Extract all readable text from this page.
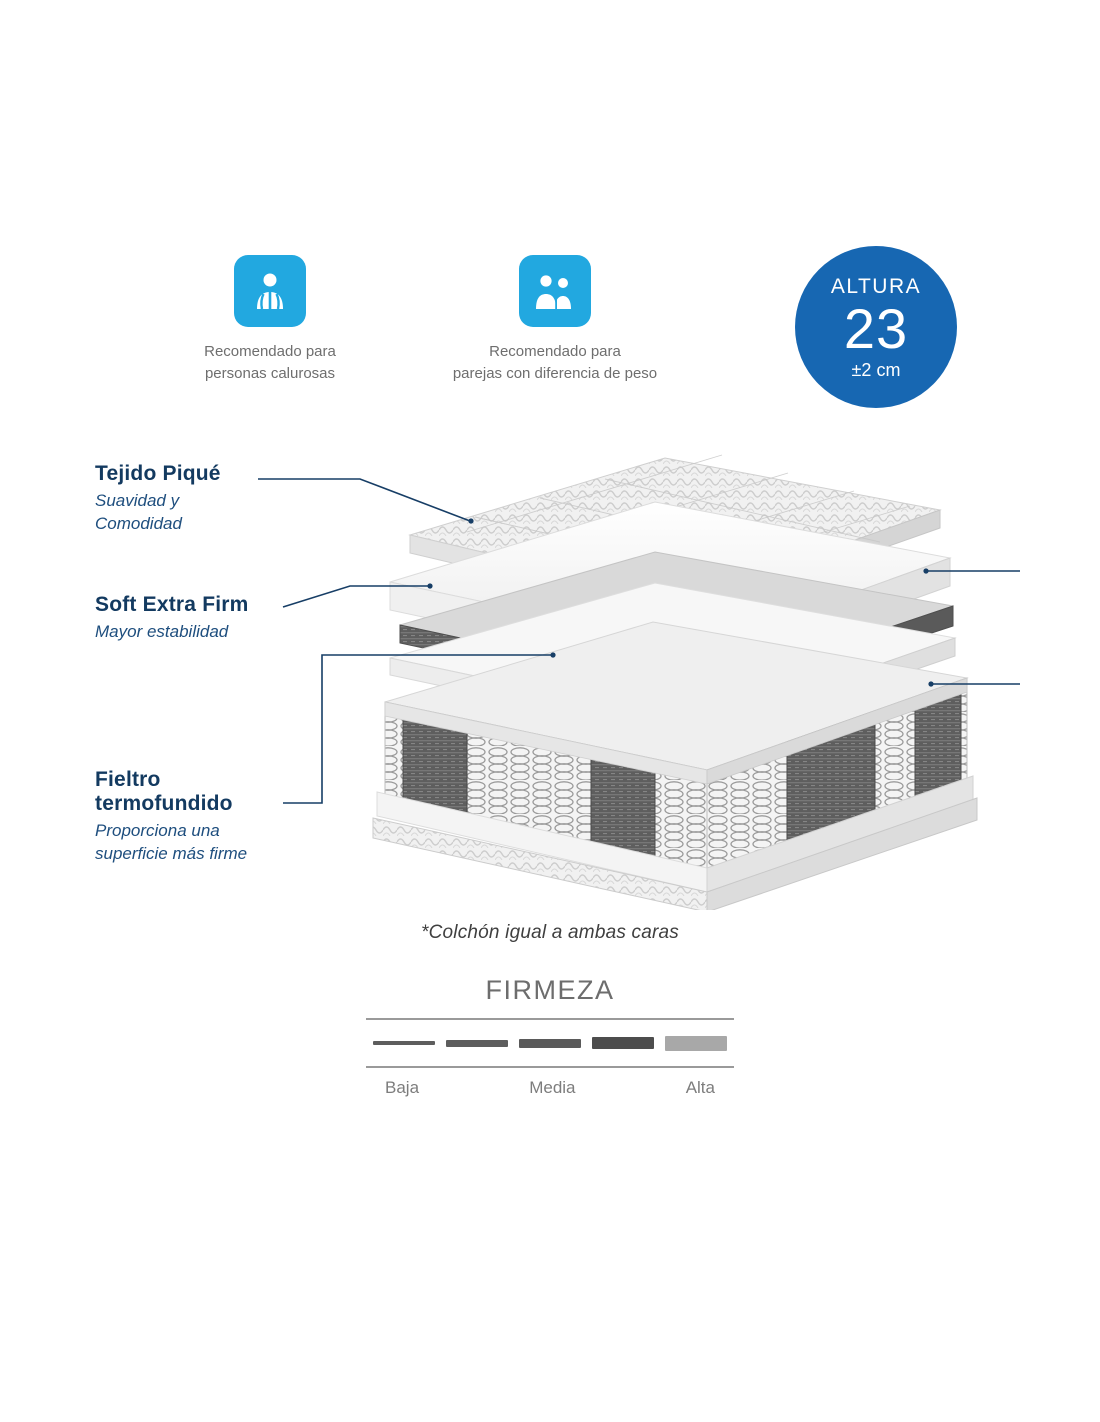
Recomendado para
personas calurosas
Recomendado para
parejas con diferencia de peso
ALTURA
23
±2 cm
Tejido Piqué
Suavidad y
Comodidad
Soft Extra Firm
Mayor estabilidad
Fieltro
termofundido
Proporciona una
superficie más firme
*Colchón igual a ambas caras
FIRMEZA
Baja	Media	Alta
